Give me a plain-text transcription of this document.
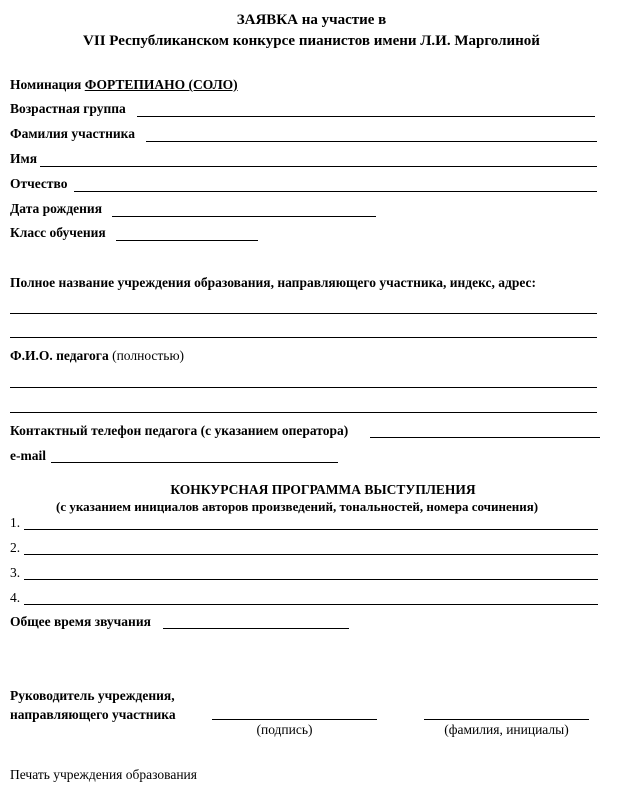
ЗАЯВКА на участие в
VII Республиканском конкурсе пианистов имени Л.И. Марголиной
Номинация ФОРТЕПИАНО (СОЛО)
Возрастная группа
Фамилия участника
Имя
Отчество
Дата рождения
Класс обучения
Полное название учреждения образования, направляющего участника, индекс, адрес:
Ф.И.О. педагога (полностью)
Контактный телефон педагога (с указанием оператора)
e-mail
КОНКУРСНАЯ ПРОГРАММА ВЫСТУПЛЕНИЯ
(с указанием инициалов авторов произведений, тональностей, номера сочинения)
1.
2.
3.
4.
Общее время звучания
Руководитель учреждения,
направляющего участника
(подпись)	(фамилия, инициалы)
Печать учреждения образования
